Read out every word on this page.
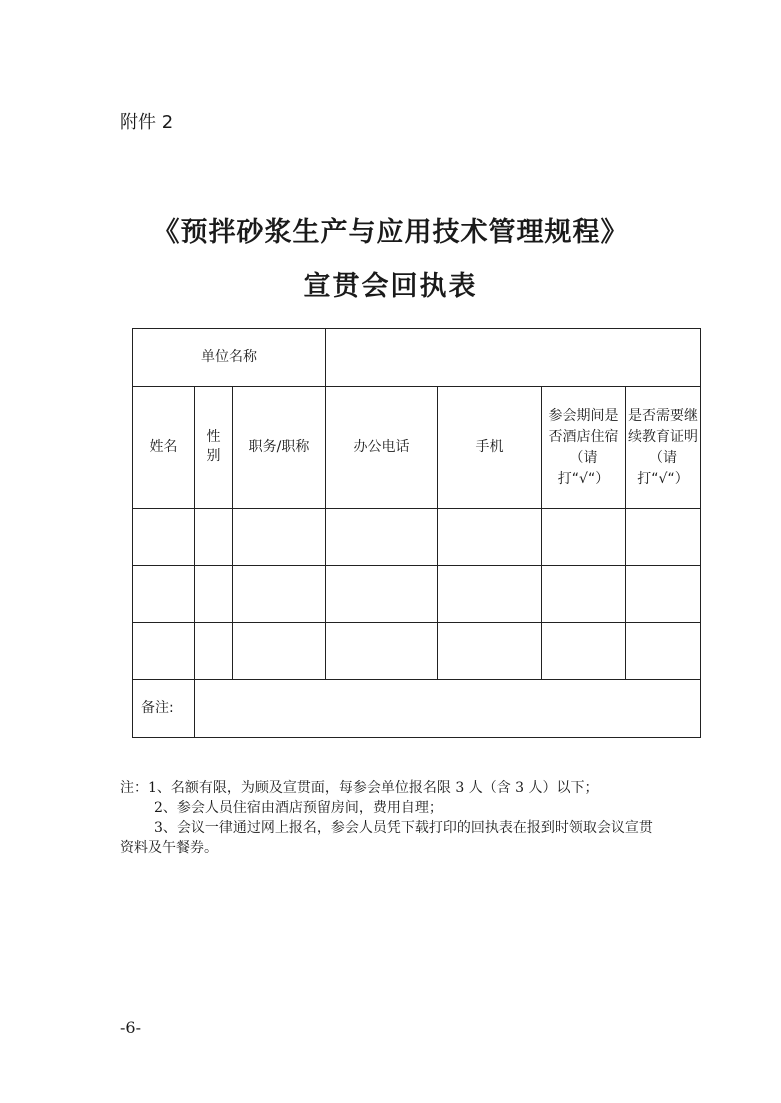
附件 2
《预拌砂浆生产与应用技术管理规程》
宣贯会回执表
单位名称						
姓名	性别	职务/职称	办公电话	手机	参会期间是否酒店住宿（请打“√“）	是否需要继续教育证明（请打“√“）

备注:						

注：1、名额有限，为顾及宣贯面，每参会单位报名限 3 人（含 3 人）以下；

2、参会人员住宿由酒店预留房间，费用自理；

3、会议一律通过网上报名，参会人员凭下载打印的回执表在报到时领取会议宣贯

资料及午餐券。

-6-
